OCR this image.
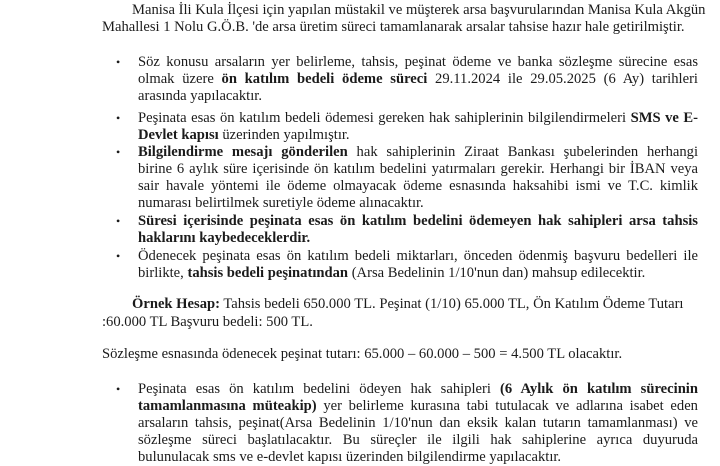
Manisa İli Kula İlçesi için yapılan müstakil ve müşterek arsa başvurularından Manisa Kula Akgün
Mahallesi 1 Nolu G.Ö.B. 'de arsa üretim süreci tamamlanarak arsalar tahsise hazır hale getirilmiştir.
•	Söz konusu arsaların yer belirleme, tahsis, peşinat ödeme ve banka sözleşme sürecine esas
olmak üzere ön katılım bedeli ödeme süreci 29.11.2024 ile 29.05.2025 (6 Ay) tarihleri
arasında yapılacaktır.
•	Peşinata esas ön katılım bedeli ödemesi gereken hak sahiplerinin bilgilendirmeleri SMS ve E-
Devlet kapısı üzerinden yapılmıştır.
•	Bilgilendirme mesajı gönderilen hak sahiplerinin Ziraat Bankası şubelerinden herhangi
birine 6 aylık süre içerisinde ön katılım bedelini yatırmaları gerekir. Herhangi bir İBAN veya
sair havale yöntemi ile ödeme olmayacak ödeme esnasında haksahibi ismi ve T.C. kimlik
numarası belirtilmek suretiyle ödeme alınacaktır.
•	Süresi içerisinde peşinata esas ön katılım bedelini ödemeyen hak sahipleri arsa tahsis
haklarını kaybedeceklerdir.
•	Ödenecek peşinata esas ön katılım bedeli miktarları, önceden ödenmiş başvuru bedelleri ile
birlikte, tahsis bedeli peşinatından (Arsa Bedelinin 1/10'nun dan) mahsup edilecektir.
Örnek Hesap: Tahsis bedeli 650.000 TL. Peşinat (1/10) 65.000 TL, Ön Katılım Ödeme Tutarı
:60.000 TL Başvuru bedeli: 500 TL.
Sözleşme esnasında ödenecek peşinat tutarı: 65.000 – 60.000 – 500 = 4.500 TL olacaktır.
•	Peşinata esas ön katılım bedelini ödeyen hak sahipleri (6 Aylık ön katılım sürecinin
tamamlanmasına müteakip) yer belirleme kurasına tabi tutulacak ve adlarına isabet eden
arsaların tahsis, peşinat(Arsa Bedelinin 1/10'nun dan eksik kalan tutarın tamamlanması) ve
sözleşme süreci başlatılacaktır. Bu süreçler ile ilgili hak sahiplerine ayrıca duyuruda
bulunulacak sms ve e-devlet kapısı üzerinden bilgilendirme yapılacaktır.
